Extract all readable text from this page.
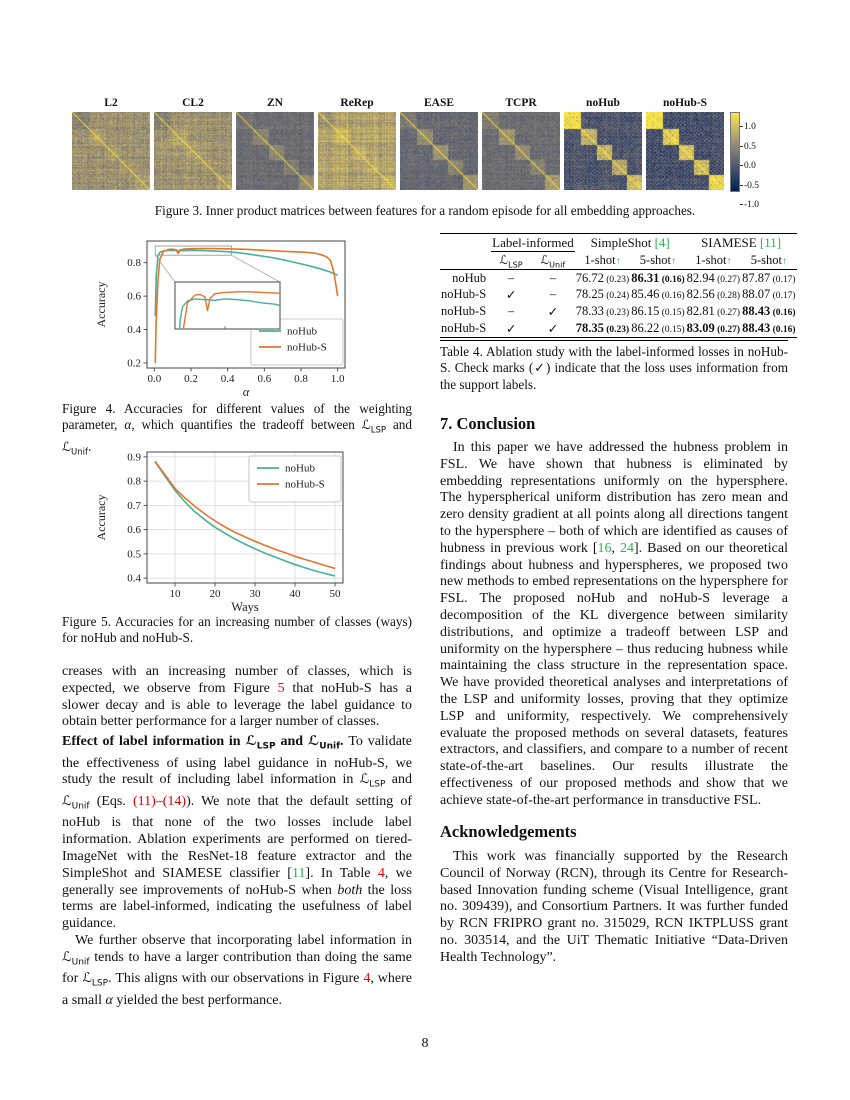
L2	CL2	ZN	ReRep	EASE	TCPR	noHub	noHub-S
1.0
0.5
0.0
-0.5
-1.0
Figure 3. Inner product matrices between features for a random episode for all embedding approaches.
0.0 0.2 0.4 0.6 0.8 1.0
0.2
0.4
0.6
0.8
α
Accuracy
noHub
noHub-S
Figure 4. Accuracies for different values of the weighting parameter, α, which quantifies the tradeoff between ℒ$_{LSP}$ and ℒ$_{Unif}$.
10	20	30	40	50
0.4
0.5
0.6
0.7
0.8
0.9
Ways
Accuracy
noHub
noHub-S
Figure 5. Accuracies for an increasing number of classes (ways) for noHub and noHub-S.
creases with an increasing number of classes, which is expected, we observe from Figure 5 that noHub-S has a slower decay and is able to leverage the label guidance to obtain better performance for a larger number of classes.
Effect of label information in ℒ$_{LSP}$ and ℒ$_{Unif}$. To validate the effectiveness of using label guidance in noHub-S, we study the result of including label information in ℒ$_{LSP}$ and ℒ$_{Unif}$ (Eqs. (11)–(14)). We note that the default setting of noHub is that none of the two losses include label information. Ablation experiments are performed on tiered-ImageNet with the ResNet-18 feature extractor and the SimpleShot and SIAMESE classifier [11]. In Table 4, we generally see improvements of noHub-S when both the loss terms are label-informed, indicating the usefulness of label guidance.
We further observe that incorporating label information in ℒ$_{Unif}$ tends to have a larger contribution than doing the same for ℒ$_{LSP}$. This aligns with our observations in Figure 4, where a small α yielded the best performance.
	Label-informed		SimpleShot [4]		SIAMESE [11]	
	ℒ$_{LSP}$	ℒ$_{Unif}$	1-shot↑	5-shot↑	1-shot↑	5-shot↑
noHub	–	–	76.72 (0.23)	86.31 (0.16)	82.94 (0.27)	87.87 (0.17)
noHub-S	✓	–	78.25 (0.24)	85.46 (0.16)	82.56 (0.28)	88.07 (0.17)
noHub-S	–	✓	78.33 (0.23)	86.15 (0.15)	82.81 (0.27)	88.43 (0.16)
noHub-S	✓	✓	78.35 (0.23)	86.22 (0.15)	83.09 (0.27)	88.43 (0.16)
Table 4. Ablation study with the label-informed losses in noHub-S. Check marks (✓) indicate that the loss uses information from the support labels.
7. Conclusion
In this paper we have addressed the hubness problem in FSL. We have shown that hubness is eliminated by embedding representations uniformly on the hypersphere. The hyperspherical uniform distribution has zero mean and zero density gradient at all points along all directions tangent to the hypersphere – both of which are identified as causes of hubness in previous work [16, 24]. Based on our theoretical findings about hubness and hyperspheres, we proposed two new methods to embed representations on the hypersphere for FSL. The proposed noHub and noHub-S leverage a decomposition of the KL divergence between similarity distributions, and optimize a tradeoff between LSP and uniformity on the hypersphere – thus reducing hubness while maintaining the class structure in the representation space. We have provided theoretical analyses and interpretations of the LSP and uniformity losses, proving that they optimize LSP and uniformity, respectively. We comprehensively evaluate the proposed methods on several datasets, features extractors, and classifiers, and compare to a number of recent state-of-the-art baselines. Our results illustrate the effectiveness of our proposed methods and show that we achieve state-of-the-art performance in transductive FSL.
Acknowledgements
This work was financially supported by the Research Council of Norway (RCN), through its Centre for Research-based Innovation funding scheme (Visual Intelligence, grant no. 309439), and Consortium Partners. It was further funded by RCN FRIPRO grant no. 315029, RCN IKTPLUSS grant no. 303514, and the UiT Thematic Initiative “Data-Driven Health Technology”.
8
